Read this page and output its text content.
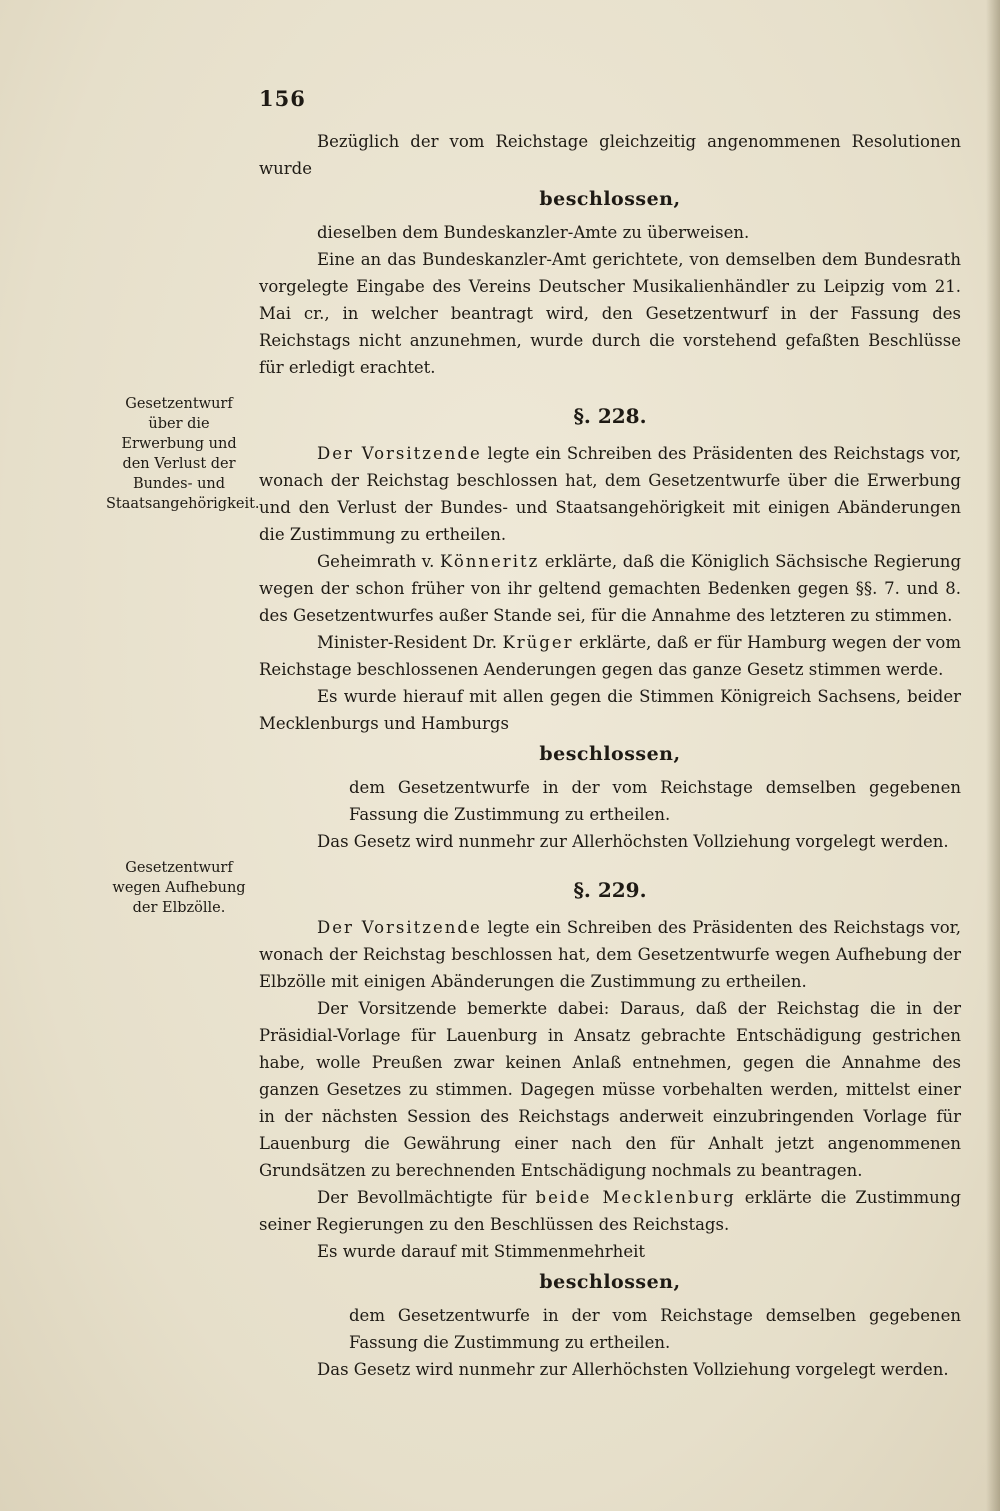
156
Gesetzentwurf über die Erwerbung und den Verlust der Bundes- und Staatsangehörigkeit.
Gesetzentwurf wegen Aufhebung der Elbzölle.

Bezüglich der vom Reichstage gleichzeitig angenommenen Resolutionen wurde

beschlossen,

dieselben dem Bundeskanzler-Amte zu überweisen.

Eine an das Bundeskanzler-Amt gerichtete, von demselben dem Bundesrath vorgelegte Eingabe des Vereins Deutscher Musikalienhändler zu Leipzig vom 21. Mai cr., in welcher beantragt wird, den Gesetzentwurf in der Fassung des Reichstags nicht anzunehmen, wurde durch die vorstehend gefaßten Beschlüsse für erledigt erachtet.

§. 228.

Der Vorsitzende legte ein Schreiben des Präsidenten des Reichstags vor, wonach der Reichstag beschlossen hat, dem Gesetzentwurfe über die Erwerbung und den Verlust der Bundes- und Staatsangehörigkeit mit einigen Abänderungen die Zustimmung zu ertheilen.

Geheimrath v. Könneritz erklärte, daß die Königlich Sächsische Regierung wegen der schon früher von ihr geltend gemachten Bedenken gegen §§. 7. und 8. des Gesetzentwurfes außer Stande sei, für die Annahme des letzteren zu stimmen.

Minister-Resident Dr. Krüger erklärte, daß er für Hamburg wegen der vom Reichstage beschlossenen Aenderungen gegen das ganze Gesetz stimmen werde.

Es wurde hierauf mit allen gegen die Stimmen Königreich Sachsens, beider Mecklenburgs und Hamburgs

beschlossen,

dem Gesetzentwurfe in der vom Reichstage demselben gegebenen Fassung die Zustimmung zu ertheilen.

Das Gesetz wird nunmehr zur Allerhöchsten Vollziehung vorgelegt werden.

§. 229.

Der Vorsitzende legte ein Schreiben des Präsidenten des Reichstags vor, wonach der Reichstag beschlossen hat, dem Gesetzentwurfe wegen Aufhebung der Elbzölle mit einigen Abänderungen die Zustimmung zu ertheilen.

Der Vorsitzende bemerkte dabei: Daraus, daß der Reichstag die in der Präsidial-Vorlage für Lauenburg in Ansatz gebrachte Entschädigung gestrichen habe, wolle Preußen zwar keinen Anlaß entnehmen, gegen die Annahme des ganzen Gesetzes zu stimmen. Dagegen müsse vorbehalten werden, mittelst einer in der nächsten Session des Reichstags anderweit einzubringenden Vorlage für Lauenburg die Gewährung einer nach den für Anhalt jetzt angenommenen Grundsätzen zu berechnenden Entschädigung nochmals zu beantragen.

Der Bevollmächtigte für beide Mecklenburg erklärte die Zustimmung seiner Regierungen zu den Beschlüssen des Reichstags.

Es wurde darauf mit Stimmenmehrheit

beschlossen,

dem Gesetzentwurfe in der vom Reichstage demselben gegebenen Fassung die Zustimmung zu ertheilen.

Das Gesetz wird nunmehr zur Allerhöchsten Vollziehung vorgelegt werden.
